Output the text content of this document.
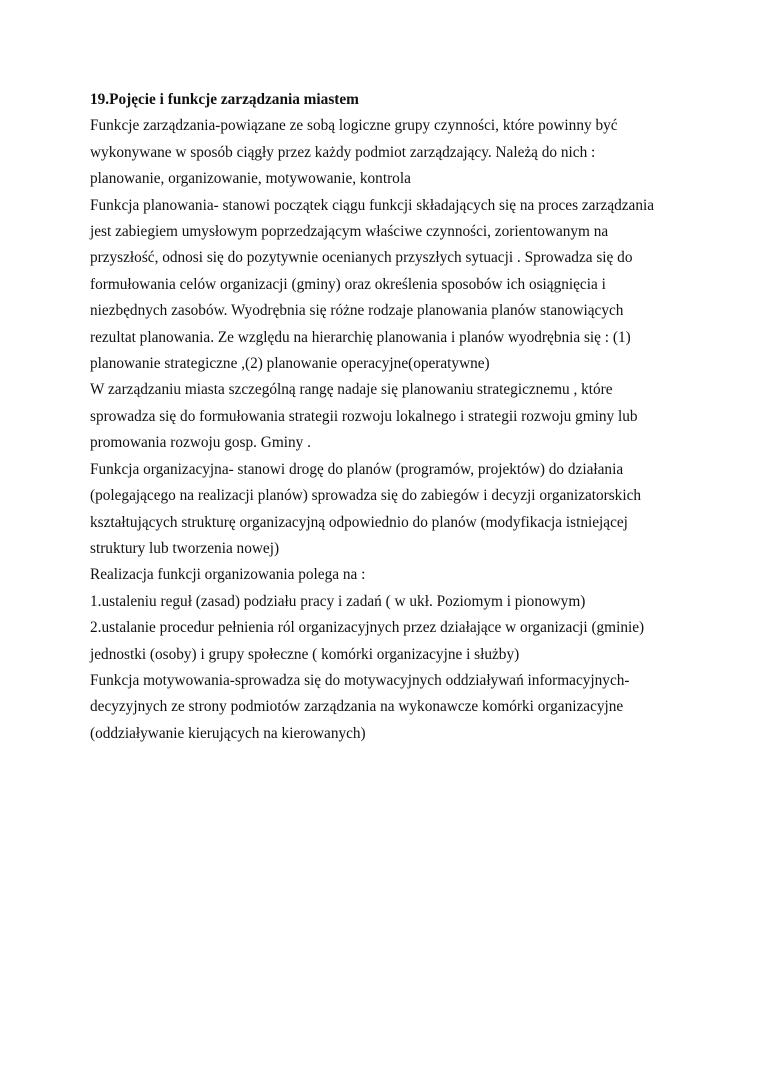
19.Pojęcie i funkcje zarządzania miastem
Funkcje zarządzania-powiązane ze sobą logiczne grupy czynności, które powinny być
wykonywane w sposób ciągły przez każdy podmiot zarządzający. Należą do nich :
planowanie, organizowanie, motywowanie, kontrola
Funkcja planowania- stanowi początek ciągu funkcji składających się na proces zarządzania
jest zabiegiem umysłowym poprzedzającym właściwe czynności, zorientowanym na
przyszłość, odnosi się do pozytywnie ocenianych przyszłych sytuacji . Sprowadza się do
formułowania celów organizacji (gminy) oraz określenia sposobów ich osiągnięcia i
niezbędnych zasobów. Wyodrębnia się różne rodzaje planowania planów stanowiących
rezultat planowania. Ze względu na hierarchię planowania i planów wyodrębnia się : (1)
planowanie strategiczne ,(2) planowanie operacyjne(operatywne)
W zarządzaniu miasta szczególną rangę nadaje się planowaniu strategicznemu , które
sprowadza się do formułowania strategii rozwoju lokalnego i strategii rozwoju gminy lub
promowania rozwoju gosp. Gminy .
Funkcja organizacyjna- stanowi drogę do planów (programów, projektów) do działania
(polegającego na realizacji planów) sprowadza się do zabiegów i decyzji organizatorskich
kształtujących strukturę organizacyjną odpowiednio do planów (modyfikacja istniejącej
struktury lub tworzenia nowej)
Realizacja funkcji organizowania polega na :
1.ustaleniu reguł (zasad) podziału pracy i zadań ( w ukł. Poziomym i pionowym)
2.ustalanie procedur pełnienia ról organizacyjnych przez działające w organizacji (gminie)
jednostki (osoby) i grupy społeczne ( komórki organizacyjne i służby)
Funkcja motywowania-sprowadza się do motywacyjnych oddziaływań informacyjnych-
decyzyjnych ze strony podmiotów zarządzania na wykonawcze komórki organizacyjne
(oddziaływanie kierujących na kierowanych)
